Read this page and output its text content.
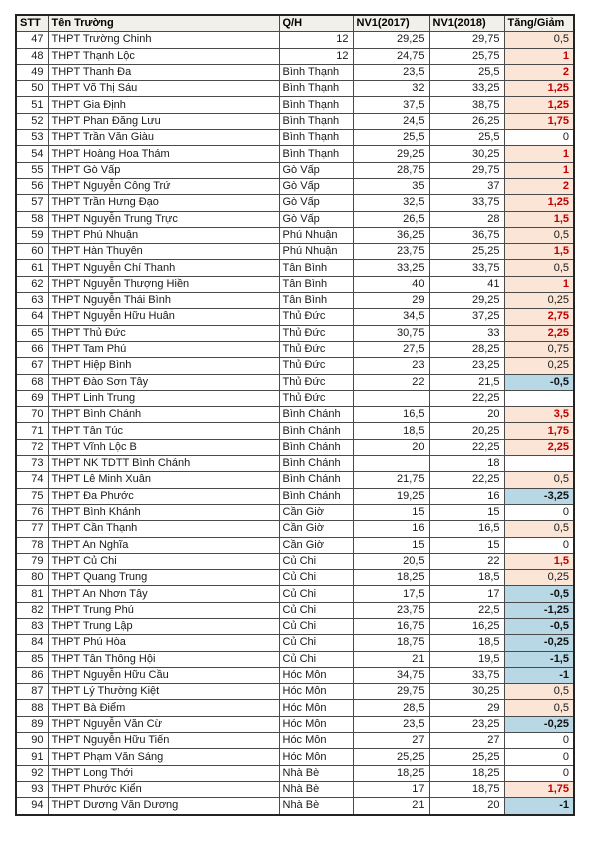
STT	Tên Trường	Q/H	NV1(2017)	NV1(2018)	Tăng/Giảm
47	THPT Trường Chinh	12	29,25	29,75	0,5
48	THPT Thạnh Lộc	12	24,75	25,75	1
49	THPT Thanh Đa	Bình Thạnh	23,5	25,5	2
50	THPT Võ Thị Sáu	Bình Thạnh	32	33,25	1,25
51	THPT Gia Định	Bình Thạnh	37,5	38,75	1,25
52	THPT Phan Đăng Lưu	Bình Thạnh	24,5	26,25	1,75
53	THPT Trần Văn Giàu	Bình Thạnh	25,5	25,5	0
54	THPT Hoàng Hoa Thám	Bình Thạnh	29,25	30,25	1
55	THPT Gò Vấp	Gò Vấp	28,75	29,75	1
56	THPT Nguyễn Công Trứ	Gò Vấp	35	37	2
57	THPT Trần Hưng Đạo	Gò Vấp	32,5	33,75	1,25
58	THPT Nguyễn Trung Trực	Gò Vấp	26,5	28	1,5
59	THPT Phú Nhuận	Phú Nhuận	36,25	36,75	0,5
60	THPT Hàn Thuyên	Phú Nhuận	23,75	25,25	1,5
61	THPT Nguyễn Chí Thanh	Tân Bình	33,25	33,75	0,5
62	THPT Nguyễn Thượng Hiền	Tân Bình	40	41	1
63	THPT Nguyễn Thái Bình	Tân Bình	29	29,25	0,25
64	THPT Nguyễn Hữu Huân	Thủ Đức	34,5	37,25	2,75
65	THPT Thủ Đức	Thủ Đức	30,75	33	2,25
66	THPT Tam Phú	Thủ Đức	27,5	28,25	0,75
67	THPT Hiệp Bình	Thủ Đức	23	23,25	0,25
68	THPT Đào Sơn Tây	Thủ Đức	22	21,5	-0,5
69	THPT Linh Trung	Thủ Đức		22,25	
70	THPT Bình Chánh	Bình Chánh	16,5	20	3,5
71	THPT Tân Túc	Bình Chánh	18,5	20,25	1,75
72	THPT Vĩnh Lộc B	Bình Chánh	20	22,25	2,25
73	THPT NK TDTT Bình Chánh	Bình Chánh		18	
74	THPT Lê Minh Xuân	Bình Chánh	21,75	22,25	0,5
75	THPT Đa Phước	Bình Chánh	19,25	16	-3,25
76	THPT Bình Khánh	Cần Giờ	15	15	0
77	THPT Cần Thạnh	Cần Giờ	16	16,5	0,5
78	THPT An Nghĩa	Cần Giờ	15	15	0
79	THPT Củ Chi	Củ Chi	20,5	22	1,5
80	THPT Quang Trung	Củ Chi	18,25	18,5	0,25
81	THPT An Nhơn Tây	Củ Chi	17,5	17	-0,5
82	THPT Trung Phú	Củ Chi	23,75	22,5	-1,25
83	THPT Trung Lập	Củ Chi	16,75	16,25	-0,5
84	THPT Phú Hòa	Củ Chi	18,75	18,5	-0,25
85	THPT Tân Thông Hội	Củ Chi	21	19,5	-1,5
86	THPT Nguyễn Hữu Cầu	Hóc Môn	34,75	33,75	-1
87	THPT Lý Thường Kiệt	Hóc Môn	29,75	30,25	0,5
88	THPT Bà Điểm	Hóc Môn	28,5	29	0,5
89	THPT Nguyễn Văn Cừ	Hóc Môn	23,5	23,25	-0,25
90	THPT Nguyễn Hữu Tiến	Hóc Môn	27	27	0
91	THPT Phạm Văn Sáng	Hóc Môn	25,25	25,25	0
92	THPT Long Thới	Nhà Bè	18,25	18,25	0
93	THPT Phước Kiển	Nhà Bè	17	18,75	1,75
94	THPT Dương Văn Dương	Nhà Bè	21	20	-1
